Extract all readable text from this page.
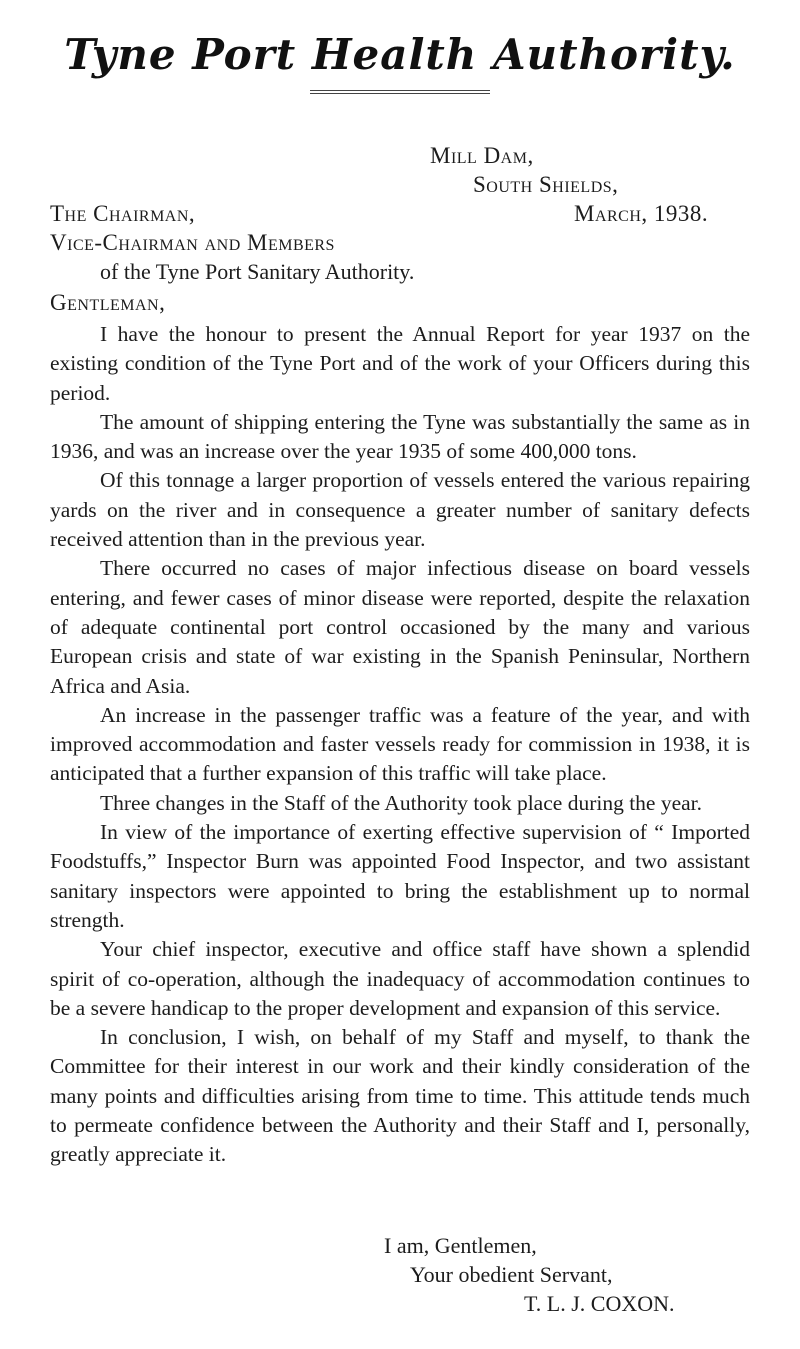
Tyne Port Health Authority.
Mill Dam,
South Shields,
March, 1938.
The Chairman,
Vice-Chairman and Members
of the Tyne Port Sanitary Authority.
Gentleman,

I have the honour to present the Annual Report for year 1937 on the existing condition of the Tyne Port and of the work of your Officers during this period.

The amount of shipping entering the Tyne was substantially the same as in 1936, and was an increase over the year 1935 of some 400,000 tons.

Of this tonnage a larger proportion of vessels entered the various repairing yards on the river and in consequence a greater number of sanitary defects received attention than in the previous year.

There occurred no cases of major infectious disease on board vessels entering, and fewer cases of minor disease were reported, despite the relaxation of adequate continental port control occasioned by the many and various European crisis and state of war existing in the Spanish Peninsular, Northern Africa and Asia.

An increase in the passenger traffic was a feature of the year, and with improved accommodation and faster vessels ready for commission in 1938, it is anticipated that a further expansion of this traffic will take place.

Three changes in the Staff of the Authority took place during the year.

In view of the importance of exerting effective supervision of “ Imported Foodstuffs,” Inspector Burn was appointed Food Inspector, and two assistant sanitary inspectors were appointed to bring the establishment up to normal strength.

Your chief inspector, executive and office staff have shown a splendid spirit of co-operation, although the inadequacy of accommodation continues to be a severe handicap to the proper development and expansion of this service.

In conclusion, I wish, on behalf of my Staff and myself, to thank the Committee for their interest in our work and their kindly consideration of the many points and difficulties arising from time to time. This attitude tends much to permeate confidence between the Authority and their Staff and I, personally, greatly appreciate it.

I am, Gentlemen,
Your obedient Servant,
T. L. J. COXON.
